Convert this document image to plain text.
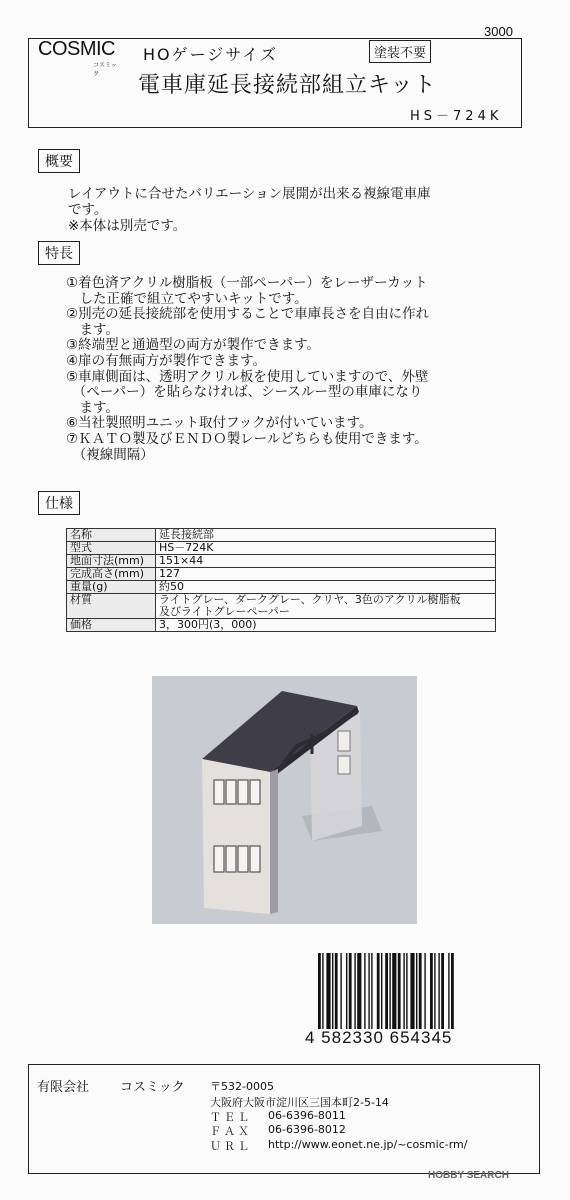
3000
COSMIC
コスミック
HOゲージサイズ	塗装不要
電車庫延長接続部組立キット
HS－724K
概要
レイアウトに合せたバリエーション展開が出来る複線電車庫
です。
※本体は別売です。
特長
①着色済アクリル樹脂板（一部ペーパー）をレーザーカット
　した正確で組立てやすいキットです。
②別売の延長接続部を使用することで車庫長さを自由に作れ
　ます。
③終端型と通過型の両方が製作できます。
④扉の有無両方が製作できます。
⑤車庫側面は、透明アクリル板を使用していますので、外壁
　（ペーパー）を貼らなければ、シースルー型の車庫になり
　ます。
⑥当社製照明ユニット取付フックが付いています。
⑦ＫＡＴＯ製及びＥＮＤＯ製レールどちらも使用できます。
　（複線間隔）
仕様
名称	延長接続部
型式	HS－724K
地面寸法(mm)	151×44
完成高さ(mm)	127
重量(g)	約50
材質	ライトグレー、ダークグレー、クリヤ、3色のアクリル樹脂板
及びライトグレーペーパー

価格	3，300円(3，000)
4 582330 654345
有限会社 コスミック 〒532-0005
大阪府大阪市淀川区三国本町2-5-14
ＴＥＬ 06-6396-8011
ＦＡＸ 06-6396-8012
ＵＲＬ http://www.eonet.ne.jp/~cosmic-rm/
HOBBY SEARCH
